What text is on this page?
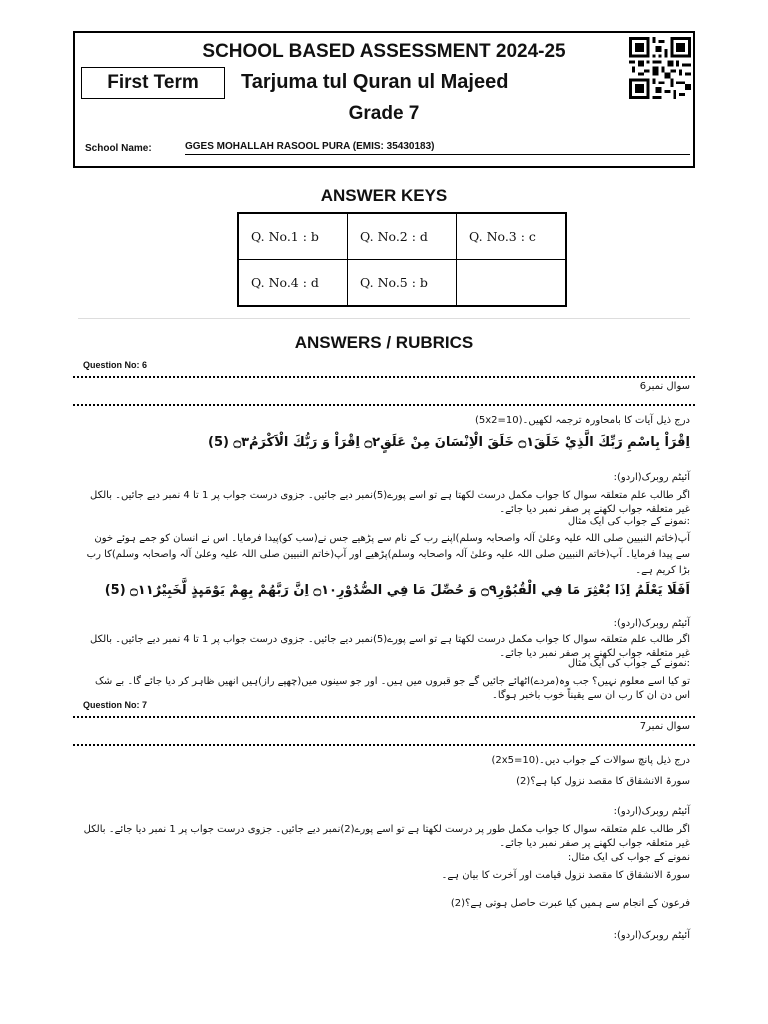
SCHOOL BASED ASSESSMENT 2024-25
First Term	Tarjuma tul Quran ul Majeed
Grade 7
School Name:	GGES MOHALLAH RASOOL PURA (EMIS: 35430183)
ANSWER KEYS
Q. No.1 : b	Q. No.2 : d	Q. No.3 : c
Q. No.4 : d	Q. No.5 : b	
ANSWERS / RUBRICS
Question No: 6
سوال نمبر6
درج ذیل آیات کا بامحاورہ ترجمہ لکھیں۔(5x2=10)
اِقْرَاْ بِاسْمِ رَبِّكَ الَّذِيْ خَلَقَ۝١ خَلَقَ الْاِنْسَانَ مِنْ عَلَقٍ۝٢ اِقْرَاْ وَ رَبُّكَ الْاَكْرَمُ۝٣ (5)
آئیٹم روبرک(اردو):
اگر طالب علم متعلقہ سوال کا جواب مکمل درست لکھتا ہے تو اسے پورے(5)نمبر دیے جائیں۔ جزوی درست جواب پر 1 تا 4 نمبر دیے جائیں۔ بالکل غیر متعلقہ جواب لکھنے پر صفر نمبر دیا جائے۔
:نمونے کے جواب کی ایک مثال
آپ(خاتم النبیین صلی اللہ علیہ وعلیٰ آلہ واصحابہ وسلم)اپنے رب کے نام سے پڑھیے جس نے(سب کو)پیدا فرمایا۔ اس نے انسان کو جمے ہوئے خون سے پیدا فرمایا۔ آپ(خاتم النبیین صلی اللہ علیہ وعلیٰ آلہ واصحابہ وسلم)پڑھیے اور آپ(خاتم النبیین صلی اللہ علیہ وعلیٰ آلہ واصحابہ وسلم)کا رب بڑا کریم ہے۔
اَفَلَا يَعْلَمُ اِذَا بُعْثِرَ مَا فِي الْقُبُوْرِ۝٩ وَ حُصِّلَ مَا فِي الصُّدُوْرِ۝١٠ اِنَّ رَبَّهُمْ بِهِمْ يَوْمَىِٕذٍ لَّخَبِيْرٌ۝١١ (5)
آئیٹم روبرک(اردو):
اگر طالب علم متعلقہ سوال کا جواب مکمل درست لکھتا ہے تو اسے پورے(5)نمبر دیے جائیں۔ جزوی درست جواب پر 1 تا 4 نمبر دیے جائیں۔ بالکل غیر متعلقہ جواب لکھنے پر صفر نمبر دیا جائے۔
:نمونے کے جواب کی ایک مثال
تو کیا اسے معلوم نہیں؟ جب وہ(مردے)اٹھائے جائیں گے جو قبروں میں ہیں۔ اور جو سینوں میں(چھپے راز)ہیں انھیں ظاہر کر دیا جائے گا۔ بے شک اس دن ان کا رب ان سے یقیناً خوب باخبر ہوگا۔
Question No: 7
سوال نمبر7
درج ذیل پانچ سوالات کے جواب دیں۔(2x5=10)
سورۃ الانشقاق کا مقصد نزول کیا ہے؟(2)
آئیٹم روبرک(اردو):
اگر طالب علم متعلقہ سوال کا جواب مکمل طور پر درست لکھتا ہے تو اسے پورے(2)نمبر دیے جائیں۔ جزوی درست جواب پر 1 نمبر دیا جائے۔ بالکل غیر متعلقہ جواب لکھنے پر صفر نمبر دیا جائے۔
نمونے کے جواب کی ایک مثال:
سورۃ الانشقاق کا مقصد نزول قیامت اور آخرت کا بیان ہے۔
فرعون کے انجام سے ہمیں کیا عبرت حاصل ہوتی ہے؟(2)
آئیٹم روبرک(اردو):
